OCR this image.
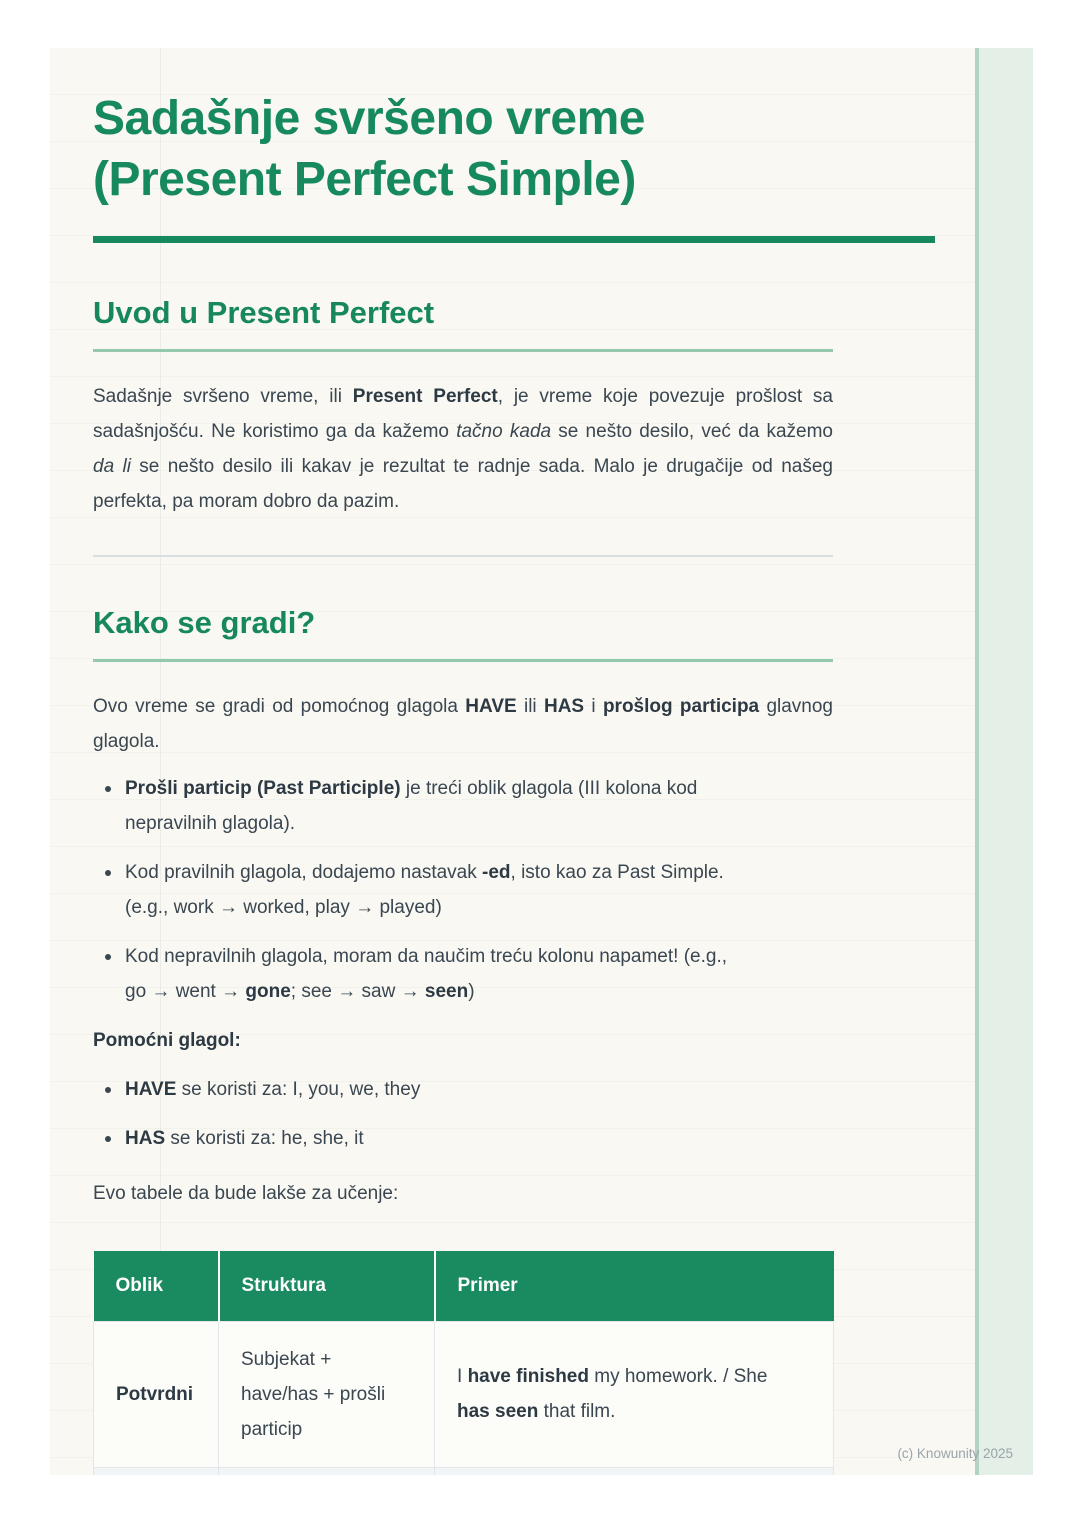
Sadašnje svršeno vreme
(Present Perfect Simple)
Uvod u Present Perfect

Sadašnje svršeno vreme, ili Present Perfect, je vreme koje povezuje prošlost sa sadašnjošću. Ne koristimo ga da kažemo tačno kada se nešto desilo, već da kažemo da li se nešto desilo ili kakav je rezultat te radnje sada. Malo je drugačije od našeg perfekta, pa moram dobro da pazim.

Kako se gradi?

Ovo vreme se gradi od pomoćnog glagola HAVE ili HAS i prošlog participa glavnog glagola.

Prošli particip (Past Participle) je treći oblik glagola (III kolona kod
nepravilnih glagola).
Kod pravilnih glagola, dodajemo nastavak -ed, isto kao za Past Simple.
(e.g., work → worked, play → played)
Kod nepravilnih glagola, moram da naučim treću kolonu napamet! (e.g.,
go → went → gone; see → saw → seen)
Pomoćni glagol:
HAVE se koristi za: I, you, we, they
HAS se koristi za: he, she, it

Evo tabele da bude lakše za učenje:

Oblik	Struktura	Primer
Potvrdni	Subjekat +
have/has + prošli
particip	I have finished my homework. / She
has seen that film.

(c) Knowunity 2025
